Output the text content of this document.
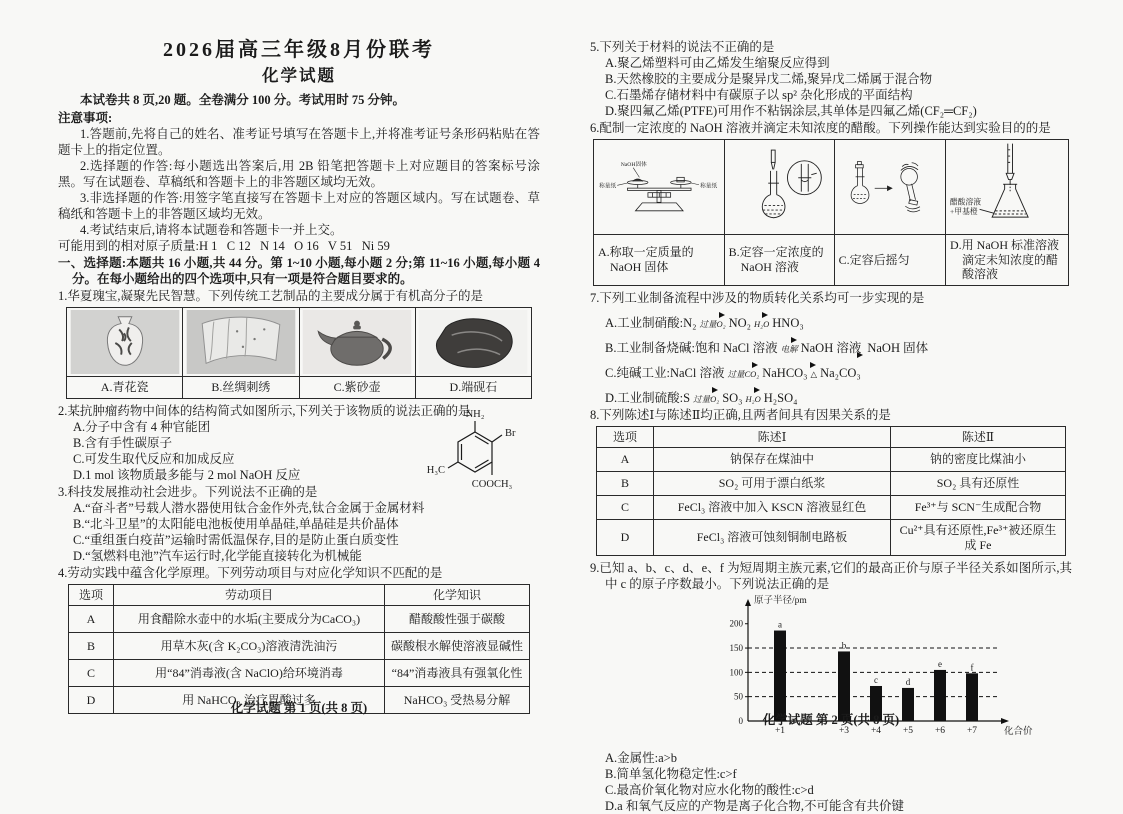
2026届高三年级8月份联考
化学试题
本试卷共 8 页,20 题。全卷满分 100 分。考试用时 75 分钟。
注意事项:
1.答题前,先将自己的姓名、准考证号填写在答题卡上,并将准考证号条形码粘贴在答题卡上的指定位置。
2.选择题的作答:每小题选出答案后,用 2B 铅笔把答题卡上对应题目的答案标号涂黑。写在试题卷、草稿纸和答题卡上的非答题区域均无效。
3.非选择题的作答:用签字笔直接写在答题卡上对应的答题区域内。写在试题卷、草稿纸和答题卡上的非答题区域均无效。
4.考试结束后,请将本试题卷和答题卡一并上交。
可能用到的相对原子质量:H 1   C 12   N 14   O 16   V 51   Ni 59
一、选择题:本题共 16 小题,共 44 分。第 1~10 小题,每小题 2 分;第 11~16 小题,每小题 4 分。在每小题给出的四个选项中,只有一项是符合题目要求的。
1.华夏瑰宝,凝聚先民智慧。下列传统工艺制品的主要成分属于有机高分子的是

A.青花瓷	B.丝绸刺绣	C.紫砂壶	D.端砚石
2.某抗肿瘤药物中间体的结构简式如图所示,下列关于该物质的说法正确的是
A.分子中含有 4 种官能团
B.含有手性碳原子
C.可发生取代反应和加成反应
D.1 mol 该物质最多能与 2 mol NaOH 反应
NH₂
Br
H₃C
COOCH₃
3.科技发展推动社会进步。下列说法不正确的是
A.“奋斗者”号载人潜水器使用钛合金作外壳,钛合金属于金属材料
B.“北斗卫星”的太阳能电池板使用单晶硅,单晶硅是共价晶体
C.“重组蛋白疫苗”运输时需低温保存,目的是防止蛋白质变性
D.“氢燃料电池”汽车运行时,化学能直接转化为机械能
4.劳动实践中蕴含化学原理。下列劳动项目与对应化学知识不匹配的是
选项	劳动项目	化学知识
A	用食醋除水壶中的水垢(主要成分为CaCO₃)	醋酸酸性强于碳酸
B	用草木灰(含 K₂CO₃)溶液清洗油污	碳酸根水解使溶液显碱性
C	用“84”消毒液(含 NaClO)给环境消毒	“84”消毒液具有强氧化性
D	用 NaHCO₃ 治疗胃酸过多	NaHCO₃ 受热易分解
5.下列关于材料的说法不正确的是
A.聚乙烯塑料可由乙烯发生缩聚反应得到
B.天然橡胶的主要成分是聚异戊二烯,聚异戊二烯属于混合物
C.石墨烯存储材料中有碳原子以 sp² 杂化形成的平面结构
D.聚四氟乙烯(PTFE)可用作不粘锅涂层,其单体是四氟乙烯(CF₂═CF₂)
6.配制一定浓度的 NaOH 溶液并滴定未知浓度的醋酸。下列操作能达到实验目的的是
NaOH固体
称量纸 称量纸			醋酸溶液
+甲基橙

A.称取一定质量的 NaOH 固体	B.定容一定浓度的 NaOH 溶液	C.定容后摇匀	D.用 NaOH 标准溶液滴定未知浓度的醋酸溶液
7.下列工业制备流程中涉及的物质转化关系均可一步实现的是
A.工业制硝酸: N₂ 过量O₂ NO₂ H₂O HNO₃
B.工业制备烧碱: 饱和 NaCl 溶液 电解 NaOH 溶液 NaOH 固体
C.纯碱工业: NaCl 溶液 过量CO₂ NaHCO₃ △ Na₂CO₃
D.工业制硫酸: S 过量O₂ SO₃ H₂O H₂SO₄
8.下列陈述Ⅰ与陈述Ⅱ均正确,且两者间具有因果关系的是
选项	陈述Ⅰ	陈述Ⅱ
A	钠保存在煤油中	钠的密度比煤油小
B	SO₂ 可用于漂白纸浆	SO₂ 具有还原性
C	FeCl₃ 溶液中加入 KSCN 溶液显红色	Fe³⁺与 SCN⁻生成配合物
D	FeCl₃ 溶液可蚀刻铜制电路板	Cu²⁺具有还原性,Fe³⁺被还原生成 Fe
9.已知 a、b、c、d、e、f 为短周期主族元素,它们的最高正价与原子半径关系如图所示,其中 c 的原子序数最小。下列说法正确的是
0
50
100
150
200	a
+1
b
+3
c
+4
d
+5
e
+6
f
+7
原子半径/pm
化合价
A.金属性:a>b
B.简单氢化物稳定性:c>f
C.最高价氧化物对应水化物的酸性:c>d
D.a 和氧气反应的产物是离子化合物,不可能含有共价键
化学试题 第 1 页(共 8 页)
化学试题 第 2 页(共 8 页)
